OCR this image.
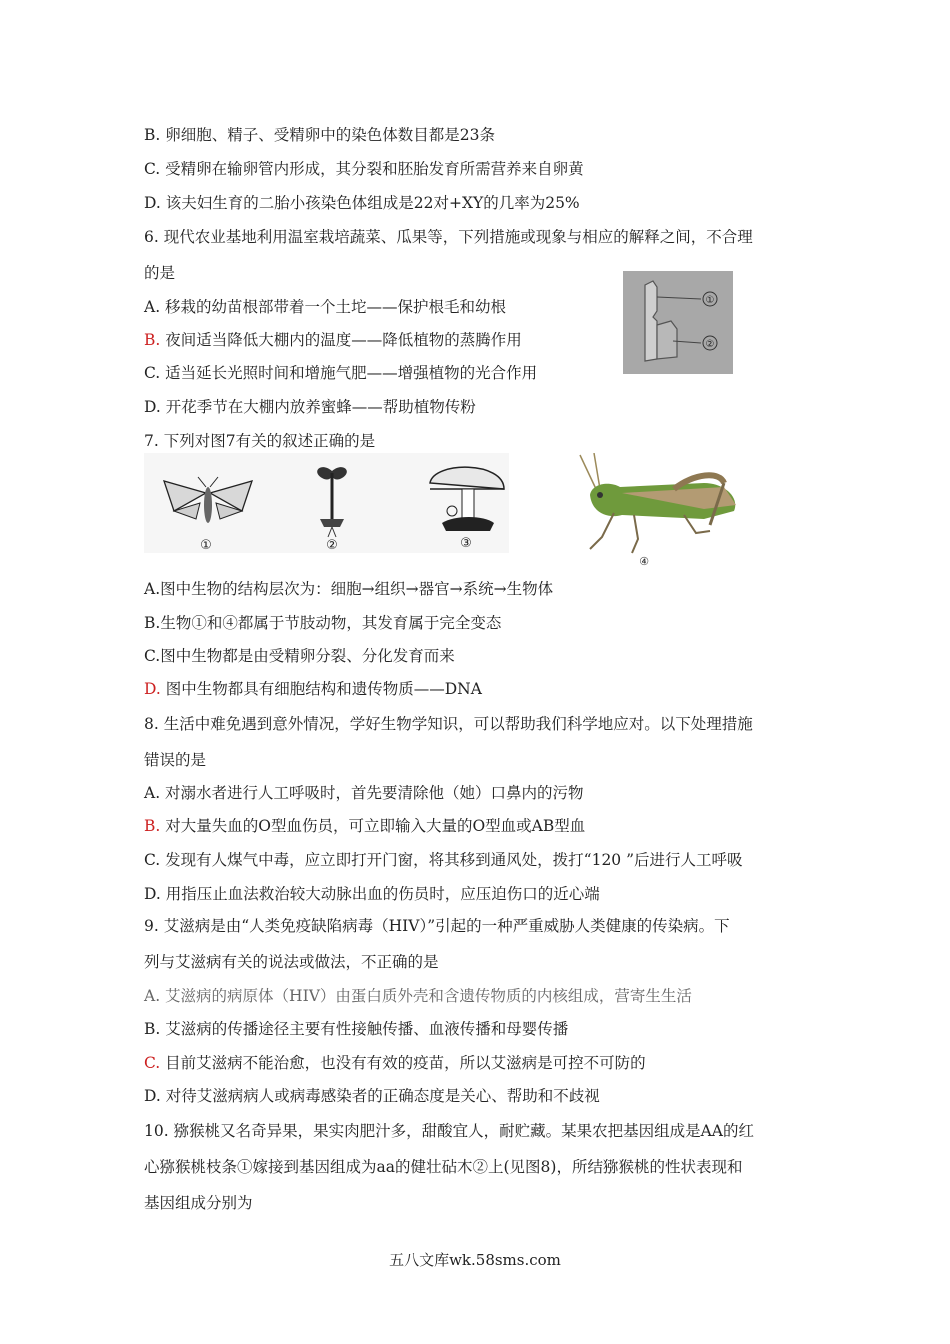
B. 卵细胞、精子、受精卵中的染色体数目都是23条
C. 受精卵在输卵管内形成，其分裂和胚胎发育所需营养来自卵黄
D. 该夫妇生育的二胎小孩染色体组成是22对+XY的几率为25%
6. 现代农业基地利用温室栽培蔬菜、瓜果等，下列措施或现象与相应的解释之间，不合理
的是
A. 移栽的幼苗根部带着一个土坨——保护根毛和幼根
B. 夜间适当降低大棚内的温度——降低植物的蒸腾作用
C. 适当延长光照时间和增施气肥——增强植物的光合作用
D. 开花季节在大棚内放养蜜蜂——帮助植物传粉
①
②
7. 下列对图7有关的叙述正确的是
①	②	③
④
A.图中生物的结构层次为：细胞→组织→器官→系统→生物体
B.生物①和④都属于节肢动物，其发育属于完全变态
C.图中生物都是由受精卵分裂、分化发育而来
D. 图中生物都具有细胞结构和遗传物质——DNA
8. 生活中难免遇到意外情况，学好生物学知识，可以帮助我们科学地应对。以下处理措施
错误的是
A. 对溺水者进行人工呼吸时，首先要清除他（她）口鼻内的污物
B. 对大量失血的O型血伤员，可立即输入大量的O型血或AB型血
C. 发现有人煤气中毒，应立即打开门窗，将其移到通风处，拨打“120 ”后进行人工呼吸
D. 用指压止血法救治较大动脉出血的伤员时，应压迫伤口的近心端
9. 艾滋病是由“人类免疫缺陷病毒（HIV）”引起的一种严重威胁人类健康的传染病。下
列与艾滋病有关的说法或做法，不正确的是
A. 艾滋病的病原体（HIV）由蛋白质外壳和含遗传物质的内核组成，营寄生生活
B. 艾滋病的传播途径主要有性接触传播、血液传播和母婴传播
C. 目前艾滋病不能治愈，也没有有效的疫苗，所以艾滋病是可控不可防的
D. 对待艾滋病病人或病毒感染者的正确态度是关心、帮助和不歧视
10. 猕猴桃又名奇异果，果实肉肥汁多，甜酸宜人，耐贮藏。某果农把基因组成是AA的红
心猕猴桃枝条①嫁接到基因组成为aa的健壮砧木②上(见图8)，所结猕猴桃的性状表现和
基因组成分别为
五八文库wk.58sms.com
